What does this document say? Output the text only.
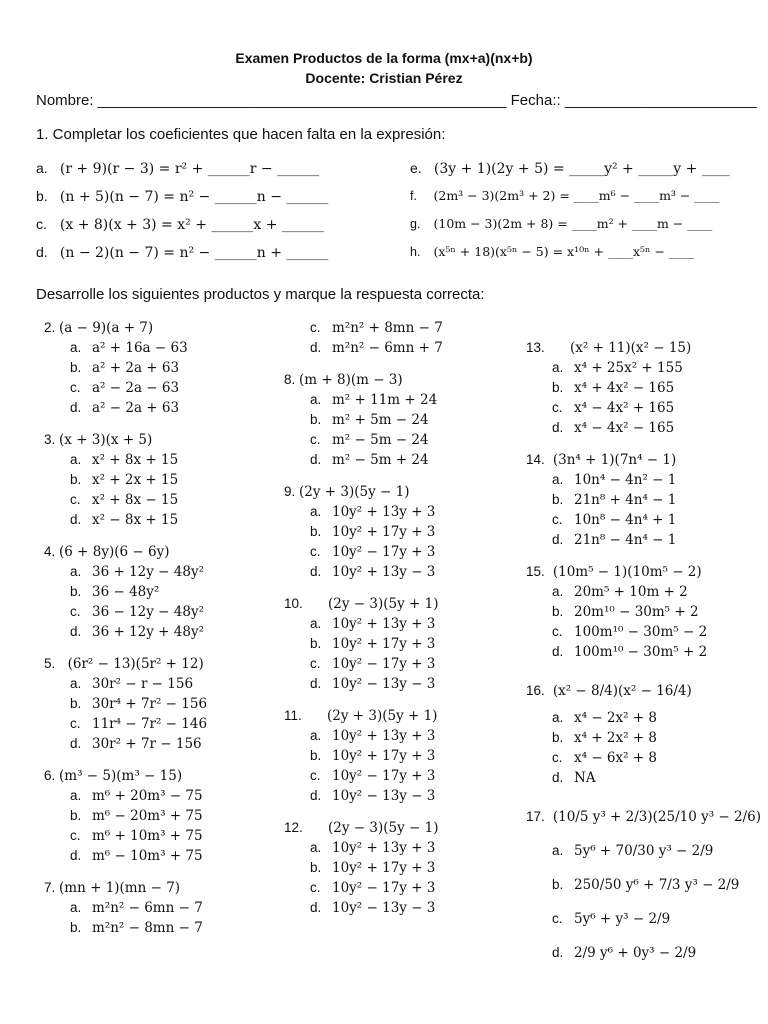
Examen Productos de la forma (mx+a)(nx+b)
Docente: Cristian Pérez
Nombre: _________________________________________________ Fecha:: _______________________
1. Completar los coeficientes que hacen falta en la expresión:
a. (r + 9)(r − 3) = r² + ______r − ______
b. (n + 5)(n − 7) = n² − ______n − ______
c. (x + 8)(x + 3) = x² + ______x + ______
d. (n − 2)(n − 7) = n² − ______n + ______
e. (3y + 1)(2y + 5) = _____y² + _____y + ____
f. (2m³ − 3)(2m³ + 2) = ____m⁶ − ____m³ − ____
g. (10m − 3)(2m + 8) = ____m² + ____m − ____
h. (x⁵ⁿ + 18)(x⁵ⁿ − 5) = x¹⁰ⁿ + ____x⁵ⁿ − ____
Desarrolle los siguientes productos y marque la respuesta correcta:
2. (a − 9)(a + 7)
a. a² + 16a − 63
b. a² + 2a + 63
c. a² − 2a − 63
d. a² − 2a + 63
3. (x + 3)(x + 5)
a. x² + 8x + 15
b. x² + 2x + 15
c. x² + 8x − 15
d. x² − 8x + 15
4. (6 + 8y)(6 − 6y)
a. 36 + 12y − 48y²
b. 36 − 48y²
c. 36 − 12y − 48y²
d. 36 + 12y + 48y²
5.   (6r² − 13)(5r² + 12)
a. 30r² − r − 156
b. 30r⁴ + 7r² − 156
c. 11r⁴ − 7r² − 146
d. 30r² + 7r − 156
6. (m³ − 5)(m³ − 15)
a. m⁶ + 20m³ − 75
b. m⁶ − 20m³ + 75
c. m⁶ + 10m³ + 75
d. m⁶ − 10m³ + 75
7. (mn + 1)(mn − 7)
a. m²n² − 6mn − 7
b. m²n² − 8mn − 7
c. m²n² + 8mn − 7
d. m²n² − 6mn + 7
8. (m + 8)(m − 3)
a. m² + 11m + 24
b. m² + 5m − 24
c. m² − 5m − 24
d. m² − 5m + 24
9. (2y + 3)(5y − 1)
a. 10y² + 13y + 3
b. 10y² + 17y + 3
c. 10y² − 17y + 3
d. 10y² + 13y − 3
10.      (2y − 3)(5y + 1)
a. 10y² + 13y + 3
b. 10y² + 17y + 3
c. 10y² − 17y + 3
d. 10y² − 13y − 3
11.      (2y + 3)(5y + 1)
a. 10y² + 13y + 3
b. 10y² + 17y + 3
c. 10y² − 17y + 3
d. 10y² − 13y − 3
12.      (2y − 3)(5y − 1)
a. 10y² + 13y + 3
b. 10y² + 17y + 3
c. 10y² − 17y + 3
d. 10y² − 13y − 3
13.      (x² + 11)(x² − 15)
a. x⁴ + 25x² + 155
b. x⁴ + 4x² − 165
c. x⁴ − 4x² + 165
d. x⁴ − 4x² − 165
14.  (3n⁴ + 1)(7n⁴ − 1)
a. 10n⁴ − 4n² − 1
b. 21n⁸ + 4n⁴ − 1
c. 10n⁸ − 4n⁴ + 1
d. 21n⁸ − 4n⁴ − 1
15.  (10m⁵ − 1)(10m⁵ − 2)
a. 20m⁵ + 10m + 2
b. 20m¹⁰ − 30m⁵ + 2
c. 100m¹⁰ − 30m⁵ − 2
d. 100m¹⁰ − 30m⁵ + 2
16.  (x² − 8/4)(x² − 16/4)
a. x⁴ − 2x² + 8
b. x⁴ + 2x² + 8
c. x⁴ − 6x² + 8
d. NA
17.  (10/5 y³ + 2/3)(25/10 y³ − 2/6)
a. 5y⁶ + 70/30 y³ − 2/9
b. 250/50 y⁶ + 7/3 y³ − 2/9
c. 5y⁶ + y³ − 2/9
d. 2/9 y⁶ + 0y³ − 2/9
